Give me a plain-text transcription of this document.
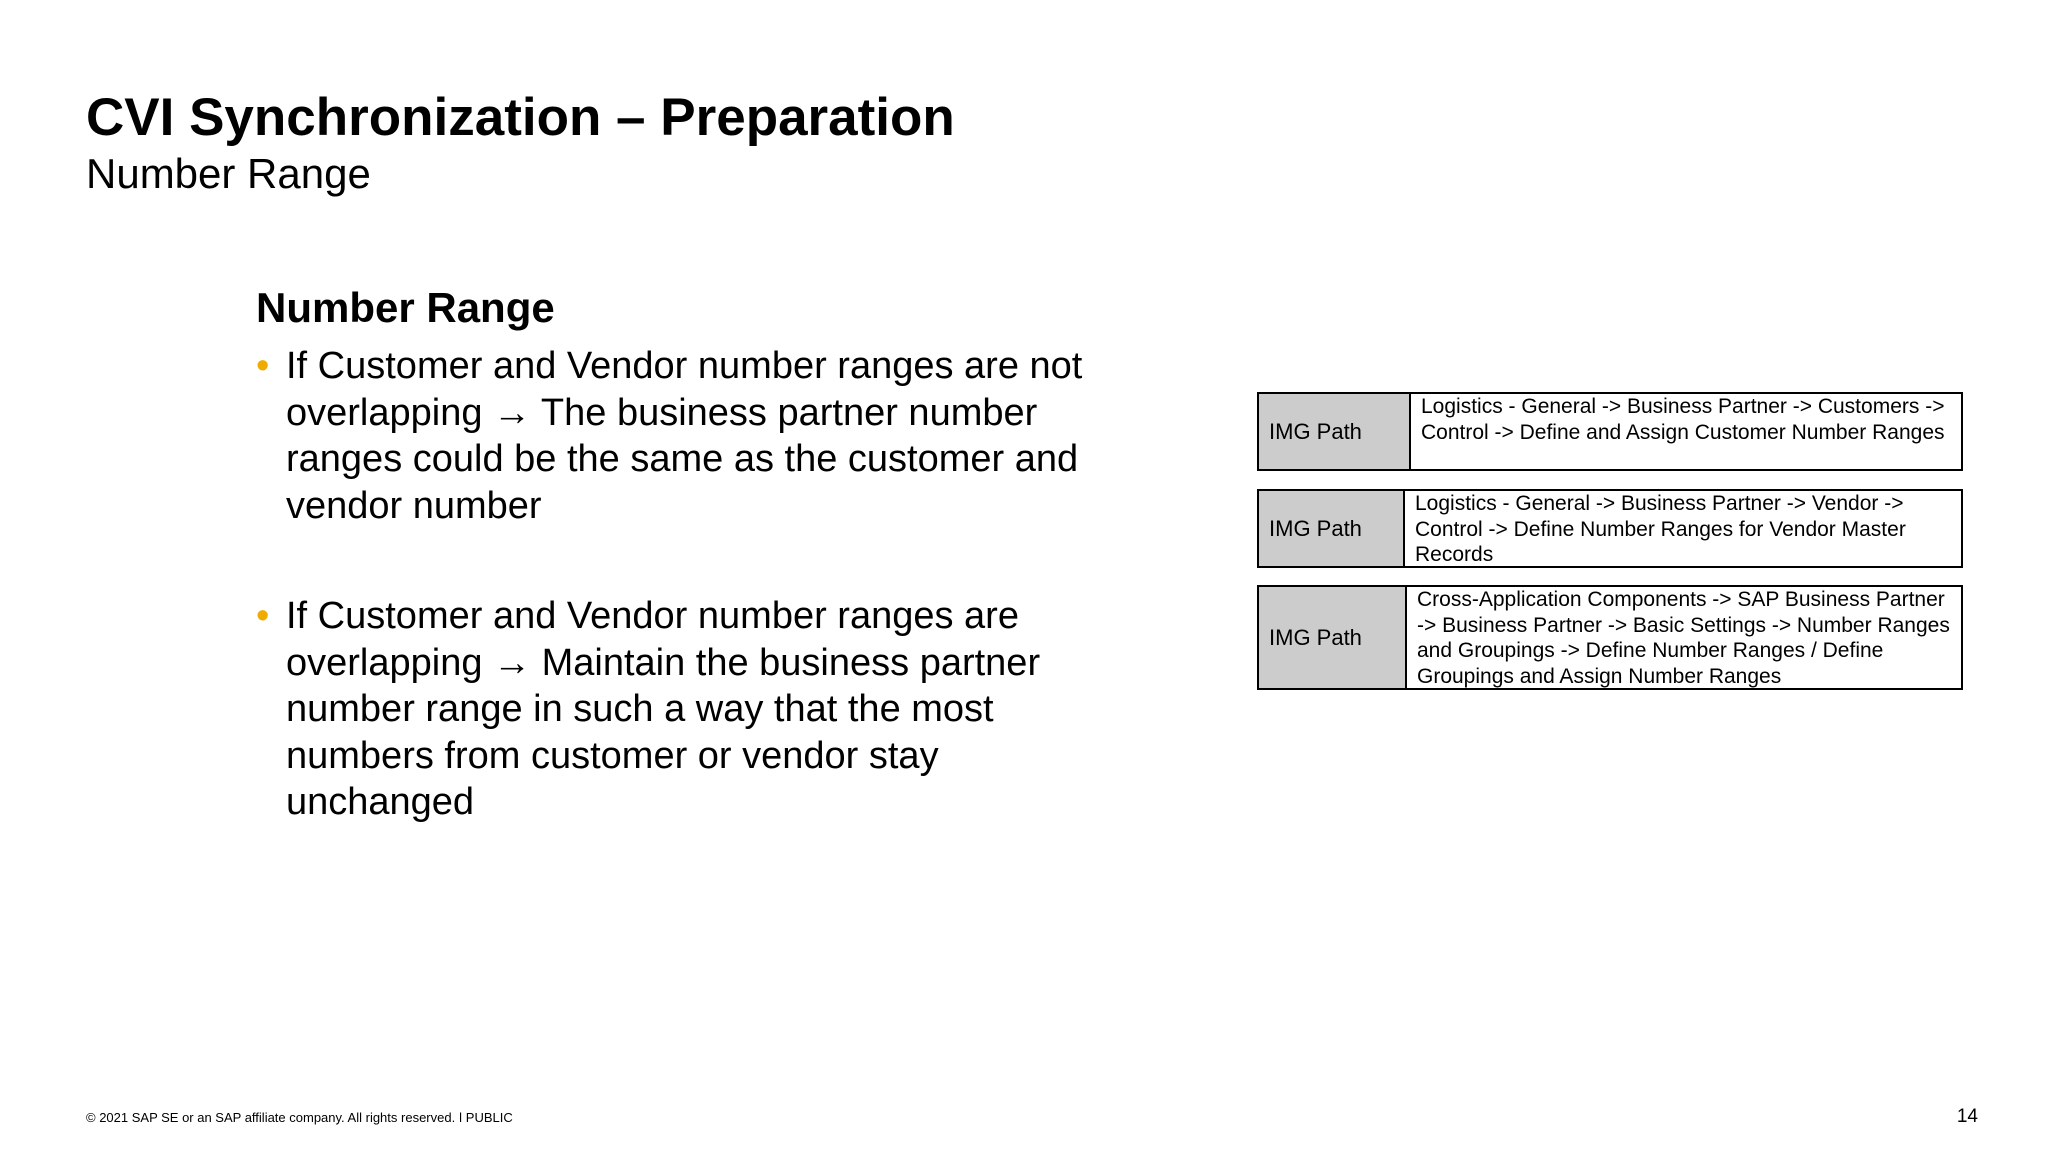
CVI Synchronization – Preparation
Number Range
Number Range
• If Customer and Vendor number ranges are not overlapping → The business partner number ranges could be the same as the customer and vendor number
• If Customer and Vendor number ranges are overlapping → Maintain the business partner number range in such a way that the most numbers from customer or vendor stay unchanged
IMG Path
Logistics - General -> Business Partner -> Customers -> Control -> Define and Assign Customer Number Ranges
IMG Path
Logistics - General -> Business Partner -> Vendor -> Control -> Define Number Ranges for Vendor Master Records
IMG Path
Cross-Application Components -> SAP Business Partner -> Business Partner -> Basic Settings -> Number Ranges and Groupings -> Define Number Ranges / Define Groupings and Assign Number Ranges
© 2021 SAP SE or an SAP affiliate company. All rights reserved. ǀ PUBLIC	14
